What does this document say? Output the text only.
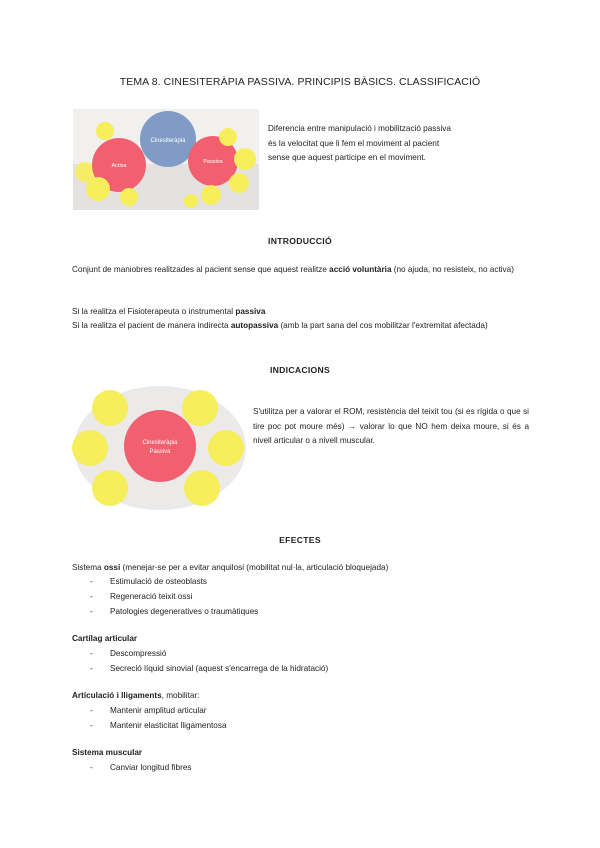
TEMA 8. CINESITERÀPIA PASSIVA. PRINCIPIS BÀSICS. CLASSIFICACIÓ
Cinesiteràpia
Activa
Passiva
Diferencia entre manipulació i mobilització passiva
és la velocitat que li fem el moviment al pacient
sense que aquest participe en el moviment.
INTRODUCCIÓ
Conjunt de maniobres realitzades al pacient sense que aquest realitze acció voluntària (no ajuda, no resisteix, no activa)
Si la realitza el Fisioterapeuta o instrumental passiva
Si la realitza el pacient de manera indirecta autopassiva (amb la part sana del cos mobilitzar l'extremitat afectada)
INDICACIONS
Cinesiteràpia
Passiva
S'utilitza per a valorar el ROM, resistència del teixit tou (si es rígida o que si tire poc pot moure més) → valorar lo que NO hem deixa moure, si és a nivell articular o a nivell muscular.
EFECTES
Sistema ossi (menejar-se per a evitar anquilosi (mobilitat nul·la, articulació bloquejada)
- Estimulació de osteoblasts
- Regeneració teixit ossi
- Patologies degeneratives o traumàtiques
Cartílag articular
- Descompressió
- Secreció líquid sinovial (aquest s'encarrega de la hidratació)
Articulació i lligaments, mobilitar:
- Mantenir amplitud articular
- Mantenir elasticitat lligamentosa
Sistema muscular
- Canviar longitud fibres
